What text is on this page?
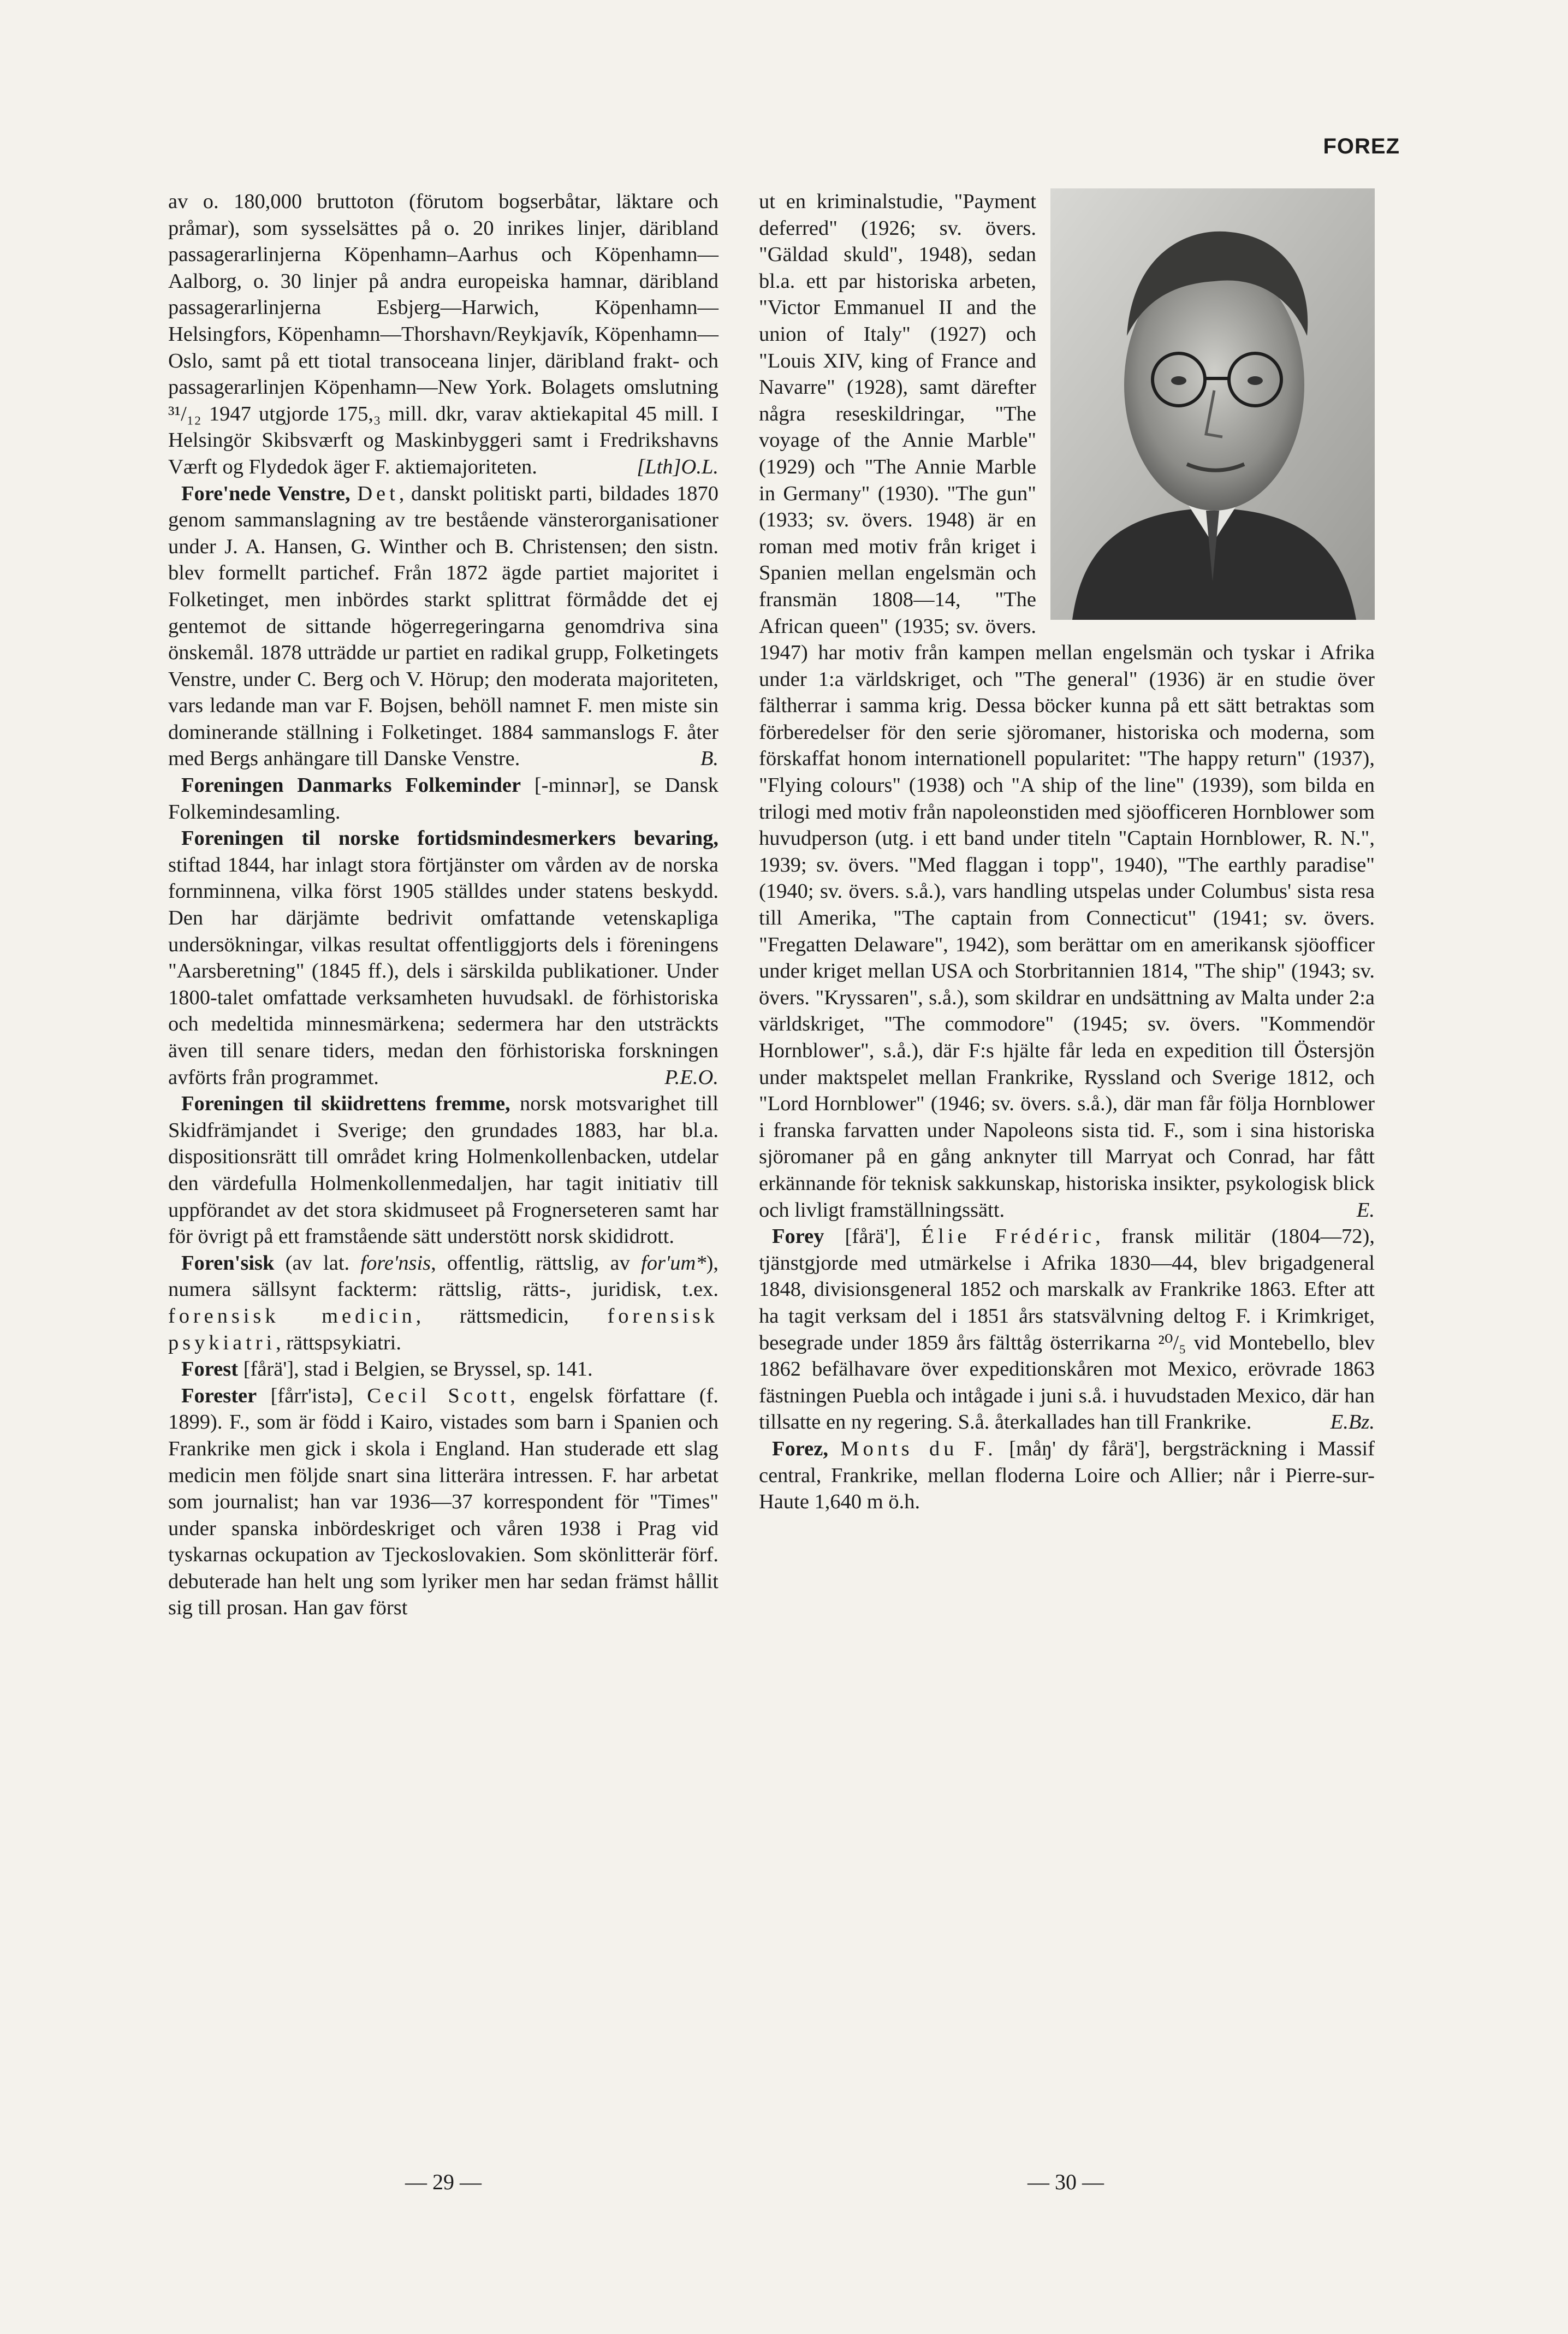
FOREZ

av o. 180,000 bruttoton (förutom bogserbåtar, läktare och pråmar), som sysselsättes på o. 20 inrikes linjer, däribland passagerarlinjerna Köpenhamn–Aarhus och Köpenhamn—Aalborg, o. 30 linjer på andra europeiska hamnar, däribland passagerarlinjerna Esbjerg—Harwich, Köpenhamn—Helsingfors, Köpenhamn—Thorshavn/Reykjavík, Köpenhamn—Oslo, samt på ett tiotal transoceana linjer, däribland frakt- och passagerarlinjen Köpenhamn—New York. Bolagets omslutning ³¹/₁₂ 1947 utgjorde 175,₃ mill. dkr, varav aktiekapital 45 mill. I Helsingör Skibsværft og Maskinbyggeri samt i Fredrikshavns Værft og Flydedok äger F. aktiemajoriteten.	[Lth]O.L.

Fore'nede Venstre, Det, danskt politiskt parti, bildades 1870 genom sammanslagning av tre bestående vänsterorganisationer under J. A. Hansen, G. Winther och B. Christensen; den sistn. blev formellt partichef. Från 1872 ägde partiet majoritet i Folketinget, men inbördes starkt splittrat förmådde det ej gentemot de sittande högerregeringarna genomdriva sina önskemål. 1878 utträdde ur partiet en radikal grupp, Folketingets Venstre, under C. Berg och V. Hörup; den moderata majoriteten, vars ledande man var F. Bojsen, behöll namnet F. men miste sin dominerande ställning i Folketinget. 1884 sammanslogs F. åter med Bergs anhängare till Danske Venstre.	B.

Foreningen Danmarks Folkeminder [-minnər], se Dansk Folkemindesamling.

Foreningen til norske fortidsmindesmerkers bevaring, stiftad 1844, har inlagt stora förtjänster om vården av de norska fornminnena, vilka först 1905 ställdes under statens beskydd. Den har därjämte bedrivit omfattande vetenskapliga undersökningar, vilkas resultat offentliggjorts dels i föreningens "Aarsberetning" (1845 ff.), dels i särskilda publikationer. Under 1800-talet omfattade verksamheten huvudsakl. de förhistoriska och medeltida minnesmärkena; sedermera har den utsträckts även till senare tiders, medan den förhistoriska forskningen avförts från programmet.	P.E.O.

Foreningen til skiidrettens fremme, norsk motsvarighet till Skidfrämjandet i Sverige; den grundades 1883, har bl.a. dispositionsrätt till området kring Holmenkollenbacken, utdelar den värdefulla Holmenkollenmedaljen, har tagit initiativ till uppförandet av det stora skidmuseet på Frognerseteren samt har för övrigt på ett framstående sätt understött norsk skididrott.

Foren'sisk (av lat. fore'nsis, offentlig, rättslig, av for'um*), numera sällsynt fackterm: rättslig, rätts-, juridisk, t.ex. forensisk medicin, rättsmedicin, forensisk psykiatri, rättspsykiatri.

Forest [fårä'], stad i Belgien, se Bryssel, sp. 141.

Forester [fårr'istə], Cecil Scott, engelsk författare (f. 1899). F., som är född i Kairo, vistades som barn i Spanien och Frankrike men gick i skola i England. Han studerade ett slag medicin men följde snart sina litterära intressen. F. har arbetat som journalist; han var 1936—37 korrespondent för "Times" under spanska inbördeskriget och våren 1938 i Prag vid tyskarnas ockupation av Tjeckoslovakien. Som skönlitterär förf. debuterade han helt ung som lyriker men har sedan främst hållit sig till prosan. Han gav först

ut en kriminalstudie, "Payment deferred" (1926; sv. övers. "Gäldad skuld", 1948), sedan bl.a. ett par historiska arbeten, "Victor Emmanuel II and the union of Italy" (1927) och "Louis XIV, king of France and Navarre" (1928), samt därefter några reseskildringar, "The voyage of the Annie Marble" (1929) och "The Annie Marble in Germany" (1930). "The gun" (1933; sv. övers. 1948) är en roman med motiv från kriget i Spanien mellan engelsmän och fransmän 1808—14, "The African queen" (1935; sv. övers. 1947) har motiv från kampen mellan engelsmän och tyskar i Afrika under 1:a världskriget, och "The general" (1936) är en studie över fältherrar i samma krig. Dessa böcker kunna på ett sätt betraktas som förberedelser för den serie sjöromaner, historiska och moderna, som förskaffat honom internationell popularitet: "The happy return" (1937), "Flying colours" (1938) och "A ship of the line" (1939), som bilda en trilogi med motiv från napoleonstiden med sjöofficeren Hornblower som huvudperson (utg. i ett band under titeln "Captain Hornblower, R. N.", 1939; sv. övers. "Med flaggan i topp", 1940), "The earthly paradise" (1940; sv. övers. s.å.), vars handling utspelas under Columbus' sista resa till Amerika, "The captain from Connecticut" (1941; sv. övers. "Fregatten Delaware", 1942), som berättar om en amerikansk sjöofficer under kriget mellan USA och Storbritannien 1814, "The ship" (1943; sv. övers. "Kryssaren", s.å.), som skildrar en undsättning av Malta under 2:a världskriget, "The commodore" (1945; sv. övers. "Kommendör Hornblower", s.å.), där F:s hjälte får leda en expedition till Östersjön under maktspelet mellan Frankrike, Ryssland och Sverige 1812, och "Lord Hornblower" (1946; sv. övers. s.å.), där man får följa Hornblower i franska farvatten under Napoleons sista tid. F., som i sina historiska sjöromaner på en gång anknyter till Marryat och Conrad, har fått erkännande för teknisk sakkunskap, historiska insikter, psykologisk blick och livligt framställningssätt.	E.

Forey [fårä'], Élie Frédéric, fransk militär (1804—72), tjänstgjorde med utmärkelse i Afrika 1830—44, blev brigadgeneral 1848, divisionsgeneral 1852 och marskalk av Frankrike 1863. Efter att ha tagit verksam del i 1851 års statsvälvning deltog F. i Krimkriget, besegrade under 1859 års fälttåg österrikarna ²⁰/₅ vid Montebello, blev 1862 befälhavare över expeditionskåren mot Mexico, erövrade 1863 fästningen Puebla och intågade i juni s.å. i huvudstaden Mexico, där han tillsatte en ny regering. S.å. återkallades han till Frankrike.	E.Bz.

Forez, Monts du F. [måŋ' dy fårä'], bergsträckning i Massif central, Frankrike, mellan floderna Loire och Allier; når i Pierre-sur-Haute 1,640 m ö.h.

— 29 —	— 30 —
